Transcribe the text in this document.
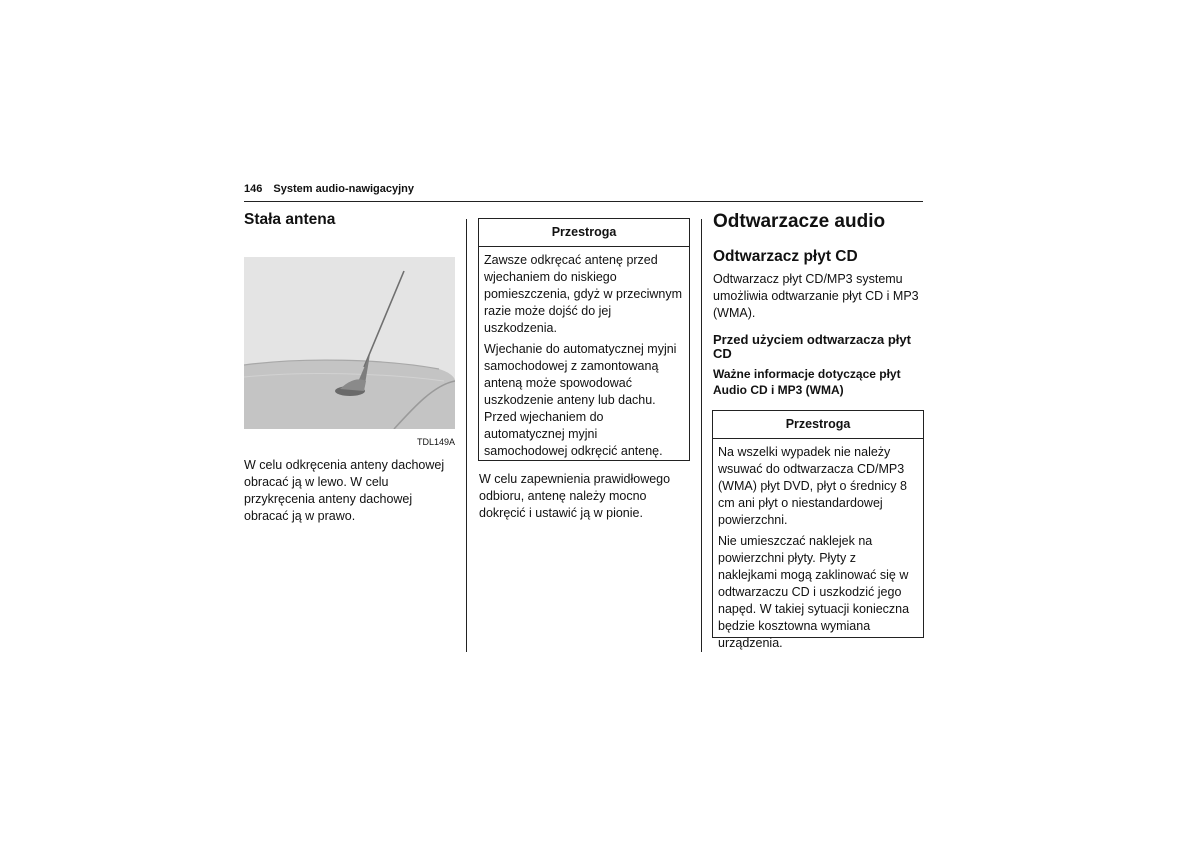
146 System audio-nawigacyjny
Stała antena
TDL149A
W celu odkręcenia anteny dachowej obracać ją w lewo. W celu przykręcenia anteny dachowej obracać ją w prawo.
Przestroga

Zawsze odkręcać antenę przed wjechaniem do niskiego pomieszczenia, gdyż w przeciwnym razie może dojść do jej uszkodzenia.

Wjechanie do automatycznej myjni samochodowej z zamontowaną anteną może spowodować uszkodzenie anteny lub dachu. Przed wjechaniem do automatycznej myjni samochodowej odkręcić antenę.

W celu zapewnienia prawidłowego odbioru, antenę należy mocno dokręcić i ustawić ją w pionie.
Odtwarzacze audio
Odtwarzacz płyt CD
Odtwarzacz płyt CD/MP3 systemu umożliwia odtwarzanie płyt CD i MP3 (WMA).
Przed użyciem odtwarzacza płyt CD
Ważne informacje dotyczące płyt Audio CD i MP3 (WMA)
Przestroga

Na wszelki wypadek nie należy wsuwać do odtwarzacza CD/MP3 (WMA) płyt DVD, płyt o średnicy 8 cm ani płyt o niestandardowej powierzchni.

Nie umieszczać naklejek na powierzchni płyty. Płyty z naklejkami mogą zaklinować się w odtwarzaczu CD i uszkodzić jego napęd. W takiej sytuacji konieczna będzie kosztowna wymiana urządzenia.
